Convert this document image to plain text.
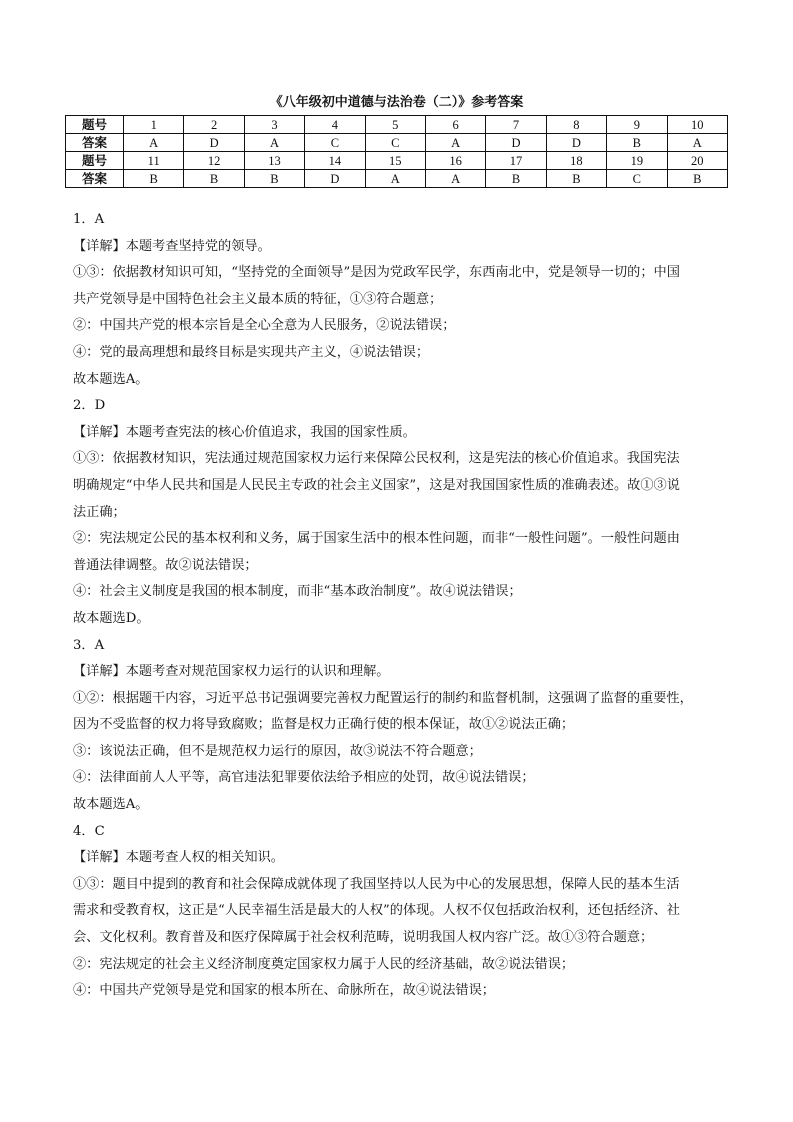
《八年级初中道德与法治卷（二）》参考答案
题号	1	2	3	4	5	6	7	8	9	10
答案	A	D	A	C	C	A	D	D	B	A
题号	11	12	13	14	15	16	17	18	19	20
答案	B	B	B	D	A	A	B	B	C	B

1．A

【详解】本题考查坚持党的领导。

①③：依据教材知识可知，“坚持党的全面领导”是因为党政军民学，东西南北中，党是领导一切的；中国

共产党领导是中国特色社会主义最本质的特征，①③符合题意；

②：中国共产党的根本宗旨是全心全意为人民服务，②说法错误；

④：党的最高理想和最终目标是实现共产主义，④说法错误；

故本题选A。

2．D

【详解】本题考查宪法的核心价值追求，我国的国家性质。

①③：依据教材知识，宪法通过规范国家权力运行来保障公民权利，这是宪法的核心价值追求。我国宪法

明确规定“中华人民共和国是人民民主专政的社会主义国家”，这是对我国国家性质的准确表述。故①③说

法正确；

②：宪法规定公民的基本权利和义务，属于国家生活中的根本性问题，而非“一般性问题”。一般性问题由

普通法律调整。故②说法错误；

④：社会主义制度是我国的根本制度，而非“基本政治制度”。故④说法错误；

故本题选D。

3．A

【详解】本题考查对规范国家权力运行的认识和理解。

①②：根据题干内容，习近平总书记强调要完善权力配置运行的制约和监督机制，这强调了监督的重要性，

因为不受监督的权力将导致腐败；监督是权力正确行使的根本保证，故①②说法正确；

③：该说法正确，但不是规范权力运行的原因，故③说法不符合题意；

④：法律面前人人平等，高官违法犯罪要依法给予相应的处罚，故④说法错误；

故本题选A。

4．C

【详解】本题考查人权的相关知识。

①③：题目中提到的教育和社会保障成就体现了我国坚持以人民为中心的发展思想，保障人民的基本生活

需求和受教育权，这正是“人民幸福生活是最大的人权”的体现。人权不仅包括政治权利，还包括经济、社

会、文化权利。教育普及和医疗保障属于社会权利范畴，说明我国人权内容广泛。故①③符合题意；

②：宪法规定的社会主义经济制度奠定国家权力属于人民的经济基础，故②说法错误；

④：中国共产党领导是党和国家的根本所在、命脉所在，故④说法错误；
